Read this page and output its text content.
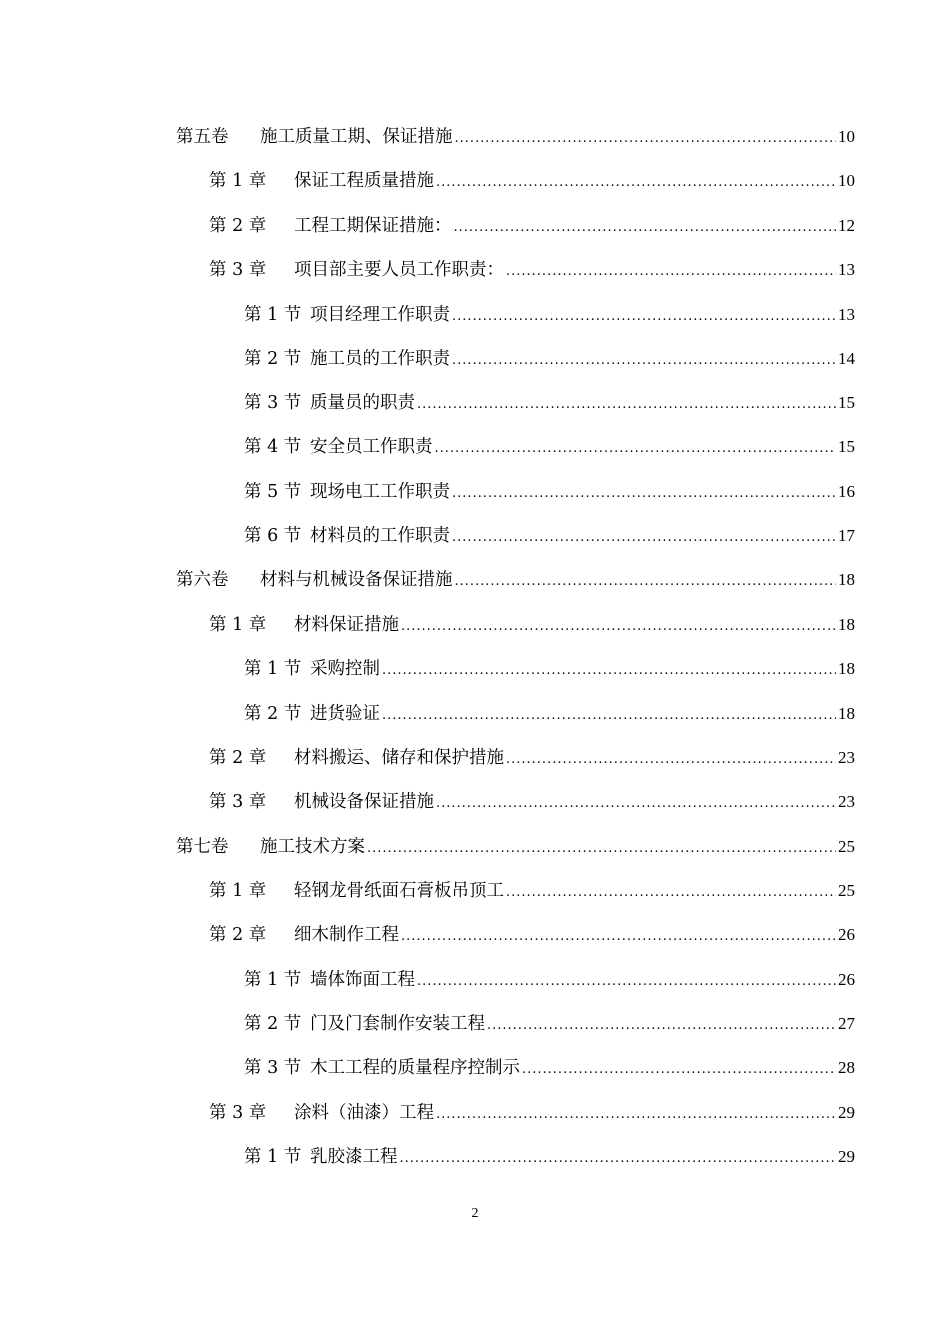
第五卷	施工质量工期、保证措施 .....	10
第 1 章	保证工程质量措施 .....	10
第 2 章	工程工期保证措施： .....	12
第 3 章	项目部主要人员工作职责： .....	13
第 1 节 项目经理工作职责 .....	13
第 2 节 施工员的工作职责 .....	14
第 3 节 质量员的职责 .....	15
第 4 节 安全员工作职责 .....	15
第 5 节 现场电工工作职责 .....	16
第 6 节 材料员的工作职责 .....	17
第六卷	材料与机械设备保证措施 .....	18
第 1 章	材料保证措施 .....	18
第 1 节 采购控制 .....	18
第 2 节 进货验证 .....	18
第 2 章	材料搬运、储存和保护措施 .....	23
第 3 章	机械设备保证措施 .....	23
第七卷	施工技术方案 .....	25
第 1 章	轻钢龙骨纸面石膏板吊顶工 .....	25
第 2 章	细木制作工程 .....	26
第 1 节 墙体饰面工程 .....	26
第 2 节 门及门套制作安装工程 .....	27
第 3 节 木工工程的质量程序控制示 .....	28
第 3 章	涂料（油漆）工程 .....	29
第 1 节 乳胶漆工程 .....	29
2
